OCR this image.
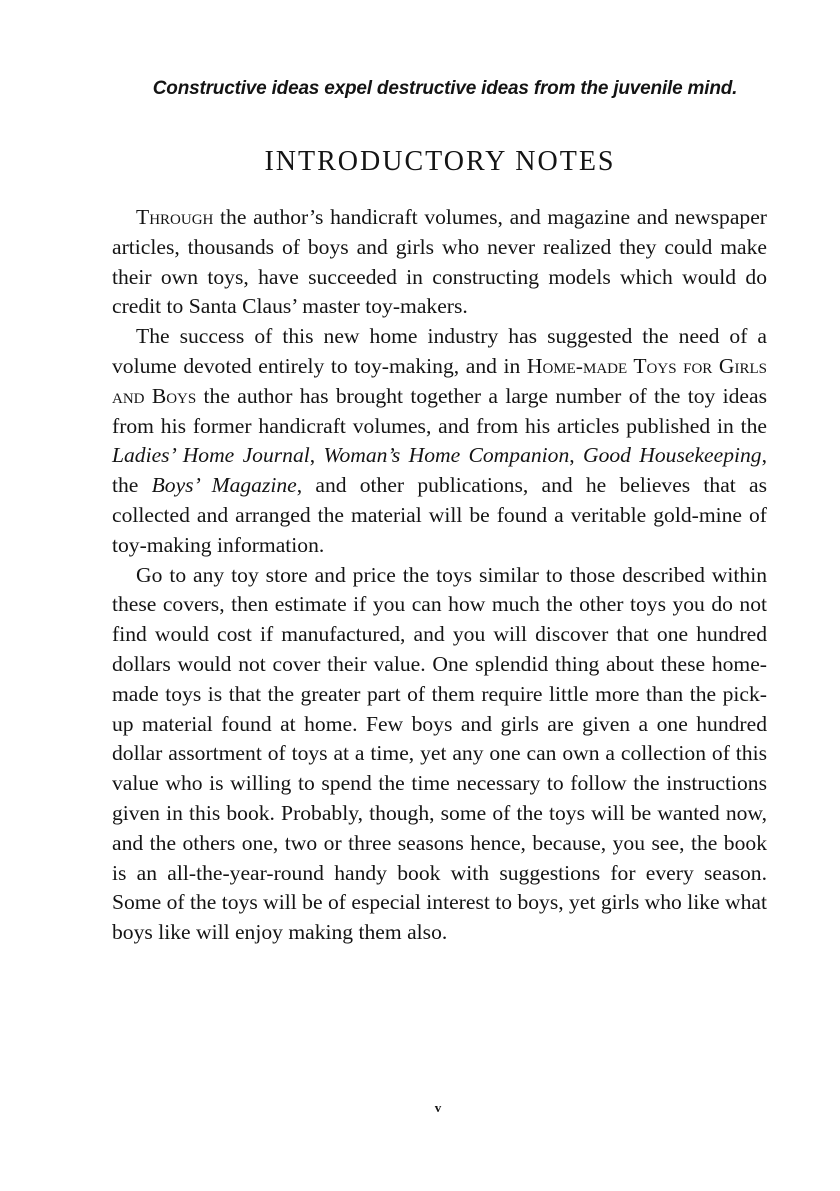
Constructive ideas expel destructive ideas from the juvenile mind.
INTRODUCTORY NOTES

Through the author’s handicraft volumes, and magazine and newspaper articles, thousands of boys and girls who never realized they could make their own toys, have succeeded in constructing models which would do credit to Santa Claus’ master toy-makers.

The success of this new home industry has suggested the need of a volume devoted entirely to toy-making, and in Home-made Toys for Girls and Boys the author has brought together a large number of the toy ideas from his former handicraft volumes, and from his articles published in the Ladies’ Home Journal, Woman’s Home Companion, Good Housekeeping, the Boys’ Magazine, and other publications, and he believes that as collected and arranged the material will be found a veritable gold-mine of toy-making information.

Go to any toy store and price the toys similar to those described within these covers, then estimate if you can how much the other toys you do not find would cost if manufactured, and you will discover that one hundred dollars would not cover their value. One splendid thing about these home-made toys is that the greater part of them require little more than the pick-up material found at home. Few boys and girls are given a one hundred dollar assortment of toys at a time, yet any one can own a collection of this value who is willing to spend the time necessary to follow the instructions given in this book. Probably, though, some of the toys will be wanted now, and the others one, two or three seasons hence, because, you see, the book is an all-the-year-round handy book with suggestions for every season. Some of the toys will be of especial interest to boys, yet girls who like what boys like will enjoy making them also.

v
